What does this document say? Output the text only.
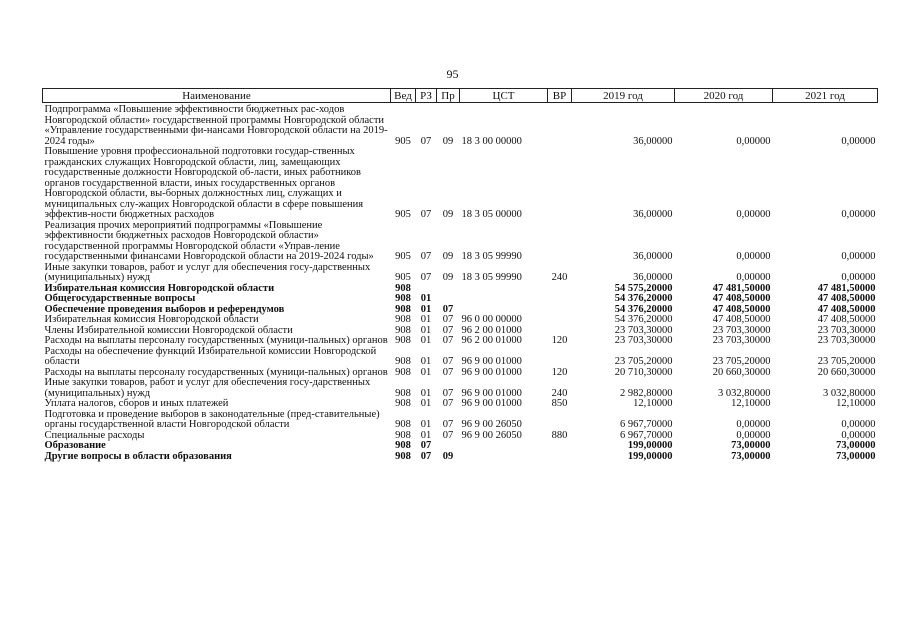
95
Наименование	Вед	РЗ	Пр	ЦСТ	ВР	2019 год	2020 год	2021 год
Подпрограмма «Повышение эффективности бюджетных рас-ходов Новгородской области» государственной программы Новгородской области «Управление государственными фи-нансами Новгородской области на 2019-2024 годы»	905	07	09	18 3 00 00000		36,00000	0,00000	0,00000
Повышение уровня профессиональной подготовки государ-ственных гражданских служащих Новгородской области, лиц, замещающих государственные должности Новгородской об-ласти, иных работников органов государственной власти, иных государственных органов Новгородской области, вы-борных должностных лиц, служащих и муниципальных слу-жащих Новгородской области в сфере повышения эффектив-ности бюджетных расходов	905	07	09	18 3 05 00000		36,00000	0,00000	0,00000
Реализация прочих мероприятий подпрограммы «Повышение эффективности бюджетных расходов Новгородской области» государственной программы Новгородской области «Управ-ление государственными финансами Новгородской области на 2019-2024 годы»	905	07	09	18 3 05 99990		36,00000	0,00000	0,00000
Иные закупки товаров, работ и услуг для обеспечения госу-дарственных (муниципальных) нужд	905	07	09	18 3 05 99990	240	36,00000	0,00000	0,00000
Избирательная комиссия Новгородской области	908					54 575,20000	47 481,50000	47 481,50000
Общегосударственные вопросы	908	01				54 376,20000	47 408,50000	47 408,50000
Обеспечение проведения выборов и референдумов	908	01	07			54 376,20000	47 408,50000	47 408,50000
Избирательная комиссия Новгородской области	908	01	07	96 0 00 00000		54 376,20000	47 408,50000	47 408,50000
Члены Избирательной комиссии Новгородской области	908	01	07	96 2 00 01000		23 703,30000	23 703,30000	23 703,30000
Расходы на выплаты персоналу государственных (муници-пальных) органов	908	01	07	96 2 00 01000	120	23 703,30000	23 703,30000	23 703,30000
Расходы на обеспечение функций Избирательной комиссии Новгородской области	908	01	07	96 9 00 01000		23 705,20000	23 705,20000	23 705,20000
Расходы на выплаты персоналу государственных (муници-пальных) органов	908	01	07	96 9 00 01000	120	20 710,30000	20 660,30000	20 660,30000
Иные закупки товаров, работ и услуг для обеспечения госу-дарственных (муниципальных) нужд	908	01	07	96 9 00 01000	240	2 982,80000	3 032,80000	3 032,80000
Уплата налогов, сборов и иных платежей	908	01	07	96 9 00 01000	850	12,10000	12,10000	12,10000
Подготовка и проведение выборов в законодательные (пред-ставительные) органы государственной власти Новгородской области	908	01	07	96 9 00 26050		6 967,70000	0,00000	0,00000
Специальные расходы	908	01	07	96 9 00 26050	880	6 967,70000	0,00000	0,00000
Образование	908	07				199,00000	73,00000	73,00000
Другие вопросы в области образования	908	07	09			199,00000	73,00000	73,00000
